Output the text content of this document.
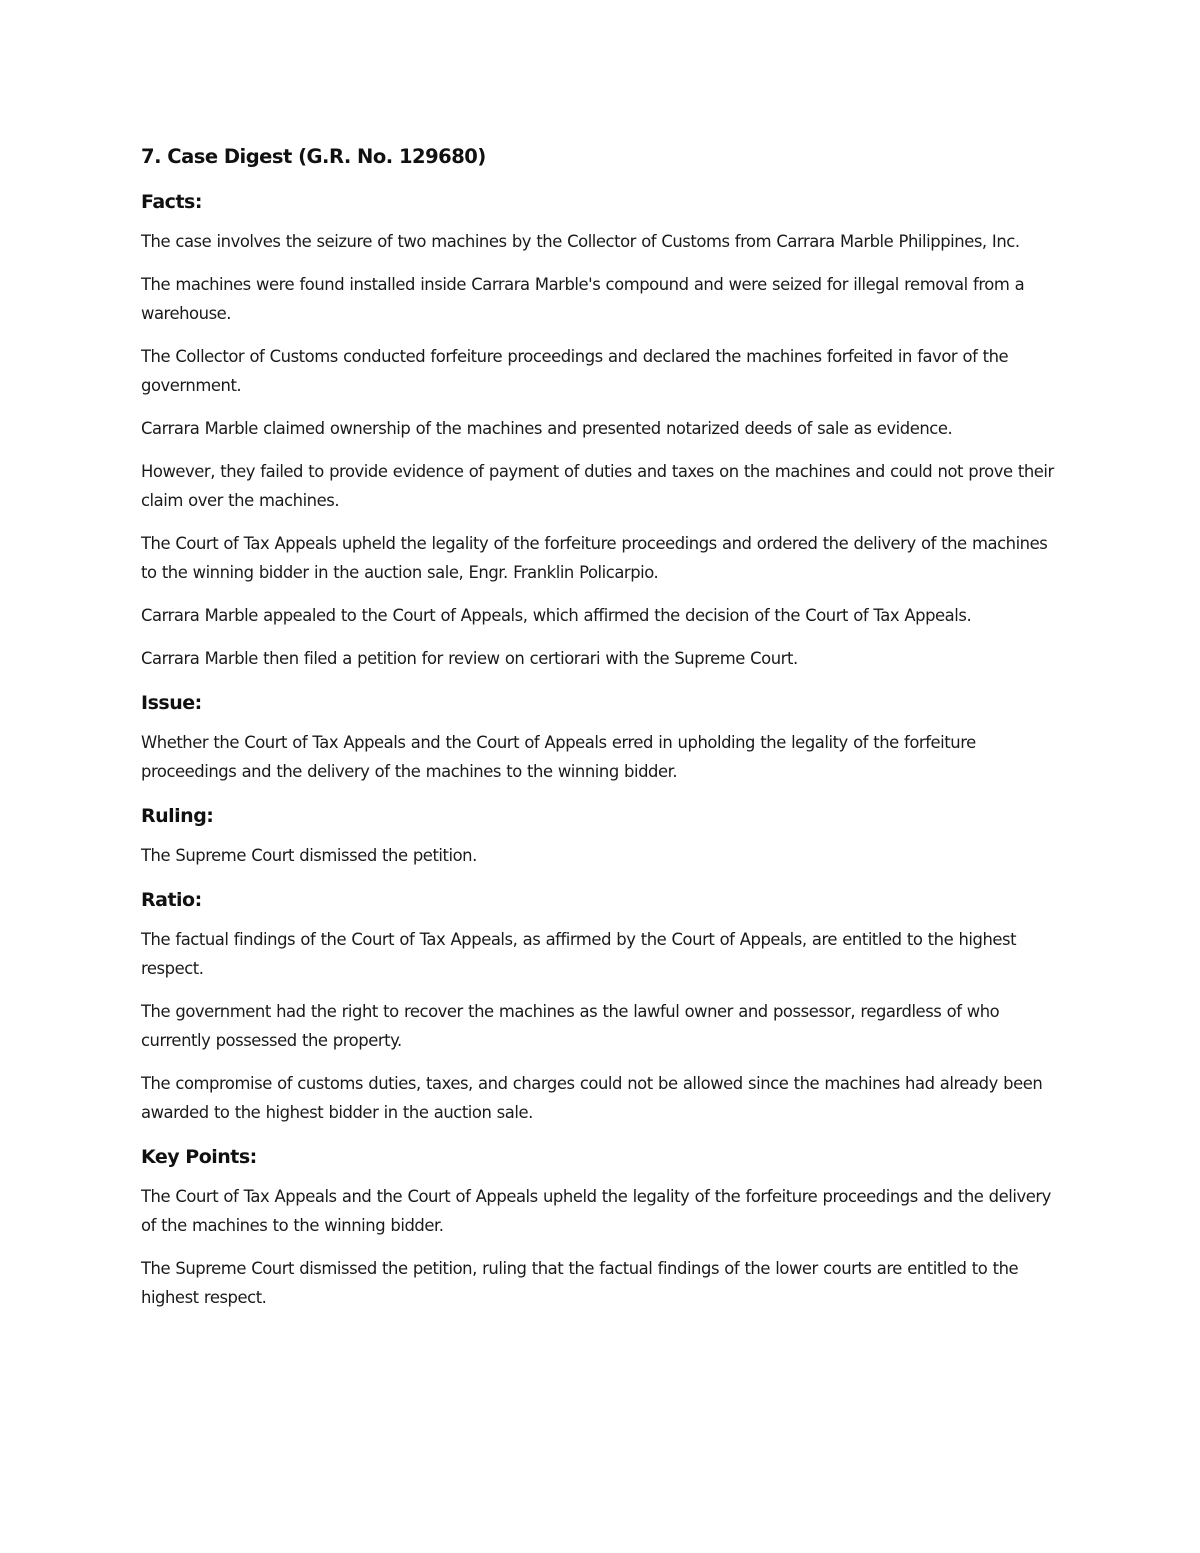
7. Case Digest (G.R. No. 129680)
Facts:

The case involves the seizure of two machines by the Collector of Customs from Carrara Marble Philippines, Inc.

The machines were found installed inside Carrara Marble's compound and were seized for illegal removal from a warehouse.

The Collector of Customs conducted forfeiture proceedings and declared the machines forfeited in favor of the government.

Carrara Marble claimed ownership of the machines and presented notarized deeds of sale as evidence.

However, they failed to provide evidence of payment of duties and taxes on the machines and could not prove their claim over the machines.

The Court of Tax Appeals upheld the legality of the forfeiture proceedings and ordered the delivery of the machines to the winning bidder in the auction sale, Engr. Franklin Policarpio.

Carrara Marble appealed to the Court of Appeals, which affirmed the decision of the Court of Tax Appeals.

Carrara Marble then filed a petition for review on certiorari with the Supreme Court.

Issue:

Whether the Court of Tax Appeals and the Court of Appeals erred in upholding the legality of the forfeiture proceedings and the delivery of the machines to the winning bidder.

Ruling:

The Supreme Court dismissed the petition.

Ratio:

The factual findings of the Court of Tax Appeals, as affirmed by the Court of Appeals, are entitled to the highest respect.

The government had the right to recover the machines as the lawful owner and possessor, regardless of who currently possessed the property.

The compromise of customs duties, taxes, and charges could not be allowed since the machines had already been awarded to the highest bidder in the auction sale.

Key Points:

The Court of Tax Appeals and the Court of Appeals upheld the legality of the forfeiture proceedings and the delivery of the machines to the winning bidder.

The Supreme Court dismissed the petition, ruling that the factual findings of the lower courts are entitled to the highest respect.
